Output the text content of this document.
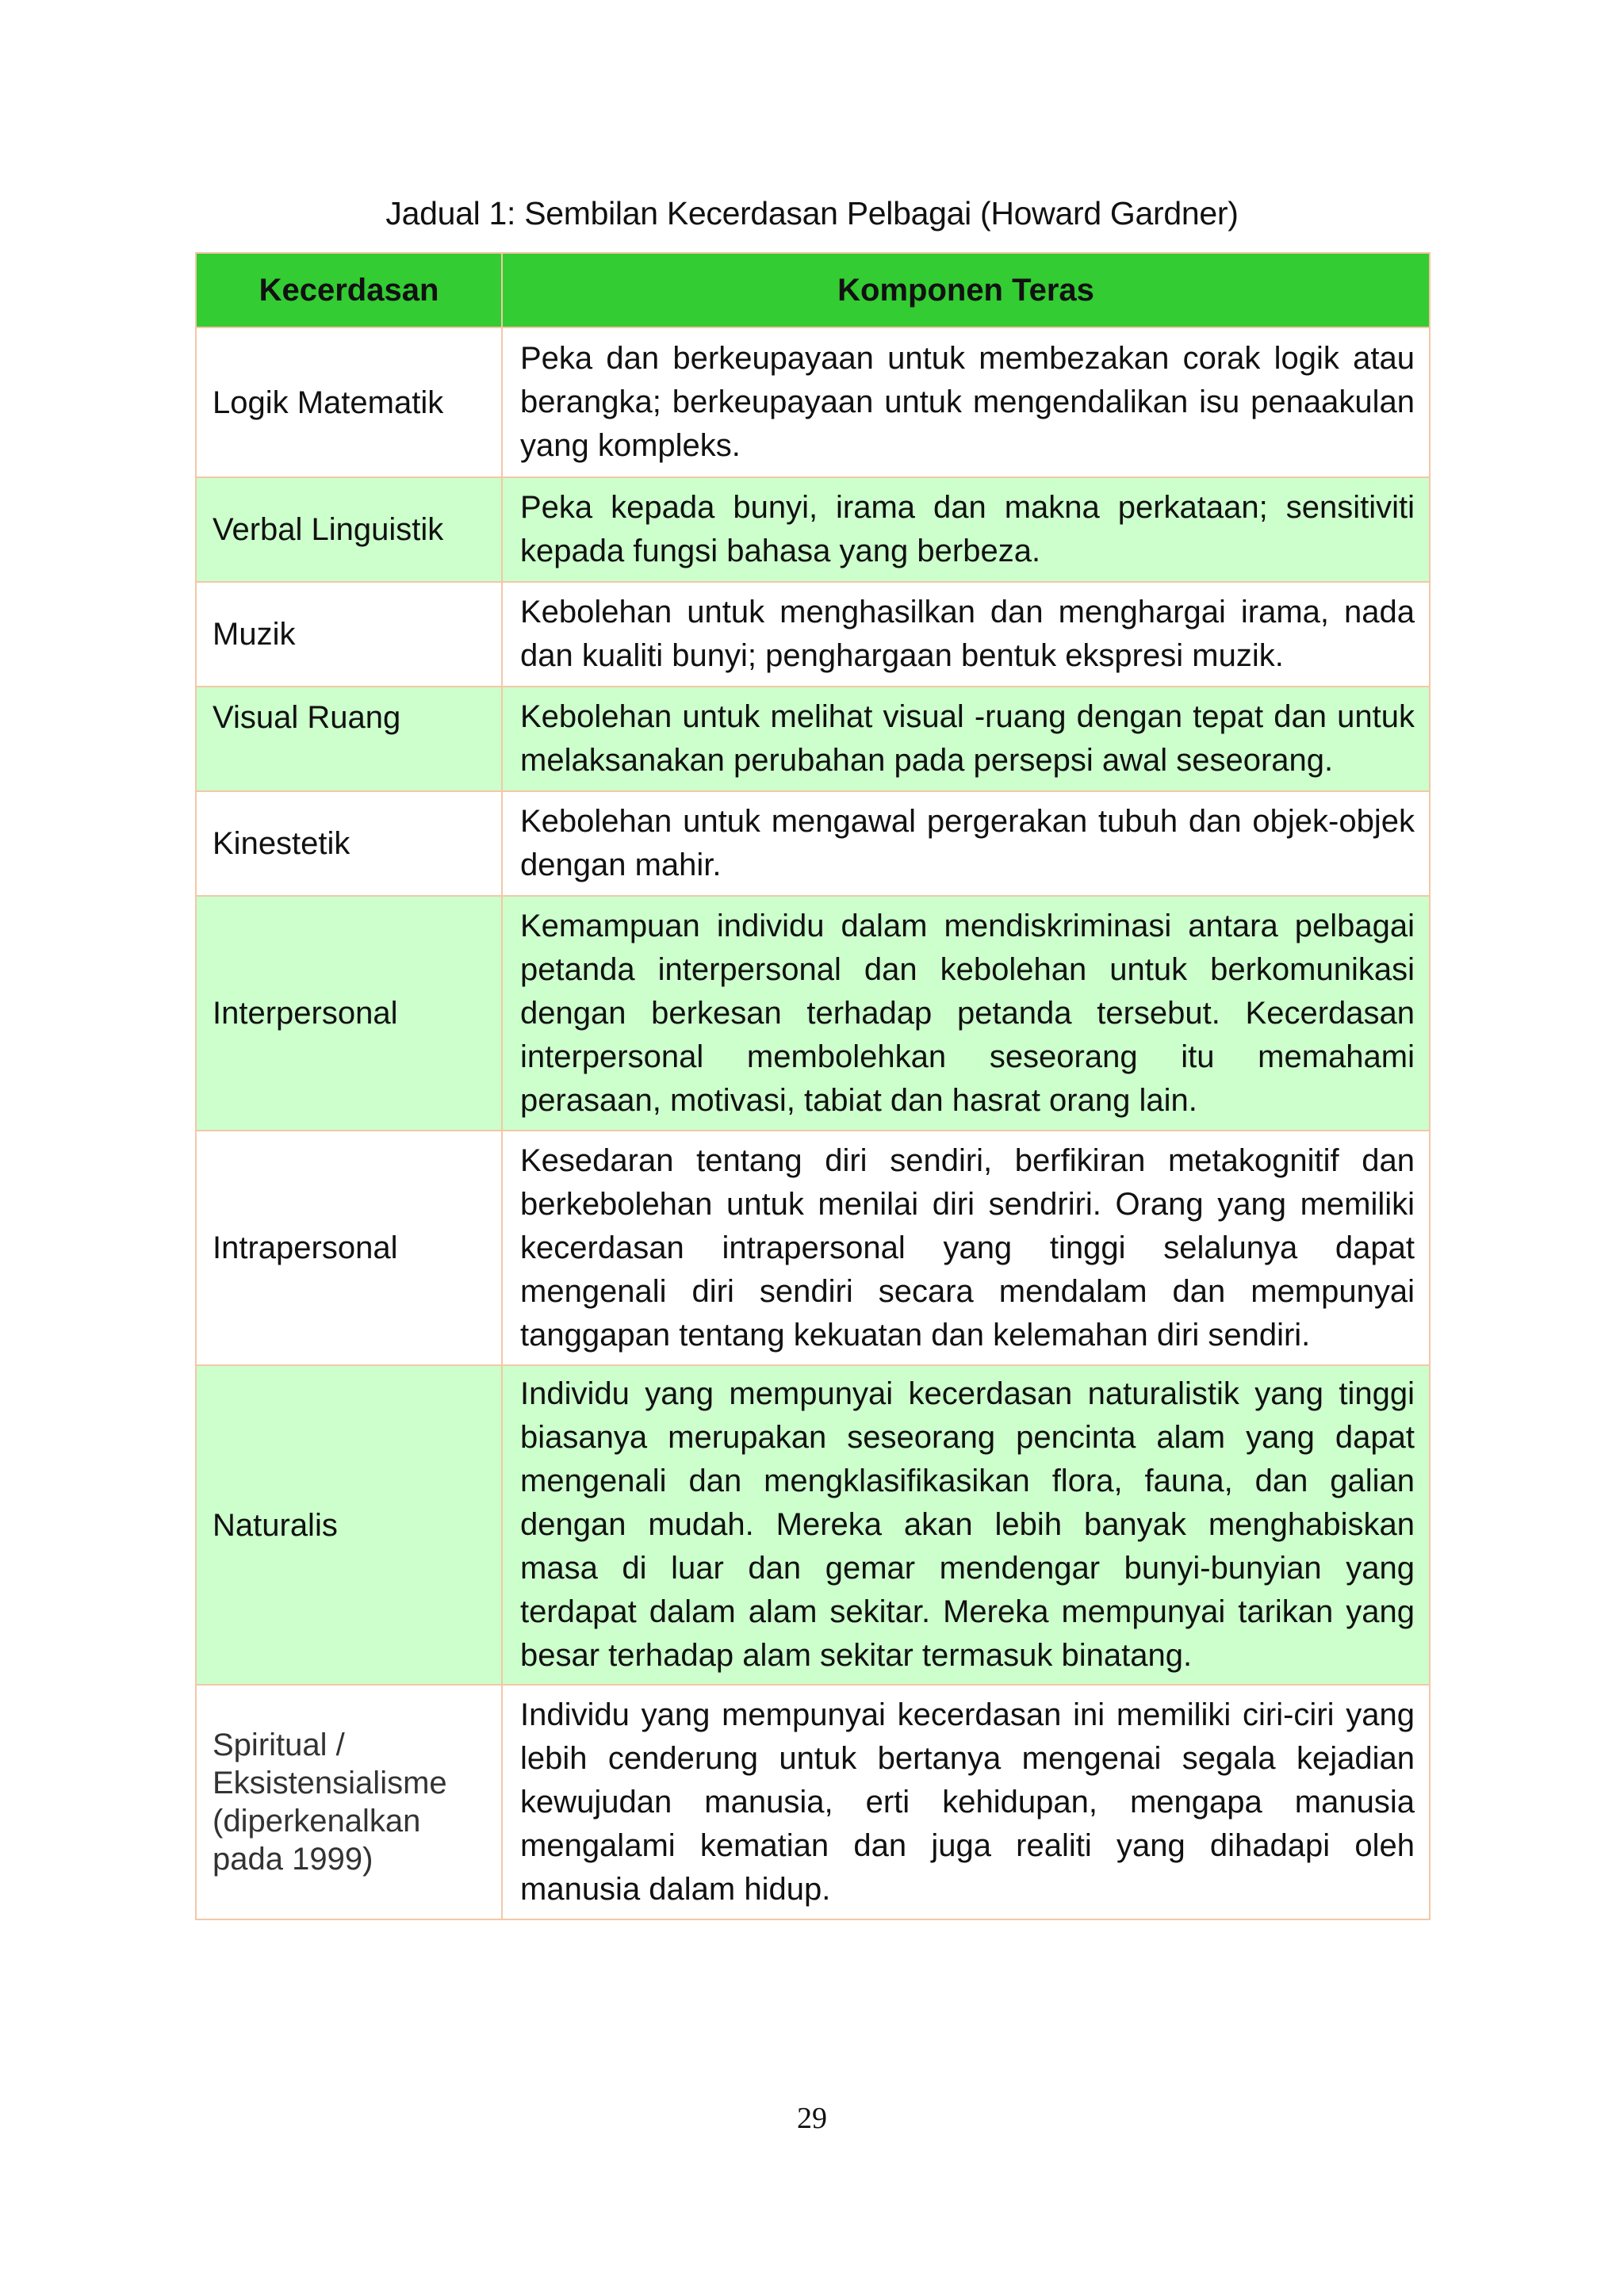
Jadual 1: Sembilan Kecerdasan Pelbagai (Howard Gardner)
Kecerdasan	Komponen Teras
Logik Matematik	Peka dan berkeupayaan untuk membezakan corak logik atau berangka; berkeupayaan untuk mengendalikan isu penaakulan yang kompleks.
Verbal Linguistik	Peka kepada bunyi, irama dan makna perkataan; sensitiviti kepada fungsi bahasa yang berbeza.
Muzik	Kebolehan untuk menghasilkan dan menghargai irama, nada dan kualiti bunyi; penghargaan bentuk ekspresi muzik.
Visual Ruang	Kebolehan untuk melihat visual -ruang dengan tepat dan untuk melaksanakan perubahan pada persepsi awal seseorang.
Kinestetik	Kebolehan untuk mengawal pergerakan tubuh dan objek-objek dengan mahir.
Interpersonal	Kemampuan individu dalam mendiskriminasi antara pelbagai petanda interpersonal dan kebolehan untuk berkomunikasi dengan berkesan terhadap petanda tersebut. Kecerdasan interpersonal membolehkan seseorang itu memahami perasaan, motivasi, tabiat dan hasrat orang lain.
Intrapersonal	Kesedaran tentang diri sendiri, berfikiran metakognitif dan berkebolehan untuk menilai diri sendriri. Orang yang memiliki kecerdasan intrapersonal yang tinggi selalunya dapat mengenali diri sendiri secara mendalam dan mempunyai tanggapan tentang kekuatan dan kelemahan diri sendiri.
Naturalis	Individu yang mempunyai kecerdasan naturalistik yang tinggi biasanya merupakan seseorang pencinta alam yang dapat mengenali dan mengklasifikasikan flora, fauna, dan galian dengan mudah. Mereka akan lebih banyak menghabiskan masa di luar dan gemar mendengar bunyi-bunyian yang terdapat dalam alam sekitar. Mereka mempunyai tarikan yang besar terhadap alam sekitar termasuk binatang.
Spiritual / Eksistensialisme (diperkenalkan pada 1999)	Individu yang mempunyai kecerdasan ini memiliki ciri-ciri yang lebih cenderung untuk bertanya mengenai segala kejadian kewujudan manusia, erti kehidupan, mengapa manusia mengalami kematian dan juga realiti yang dihadapi oleh manusia dalam hidup.
29
